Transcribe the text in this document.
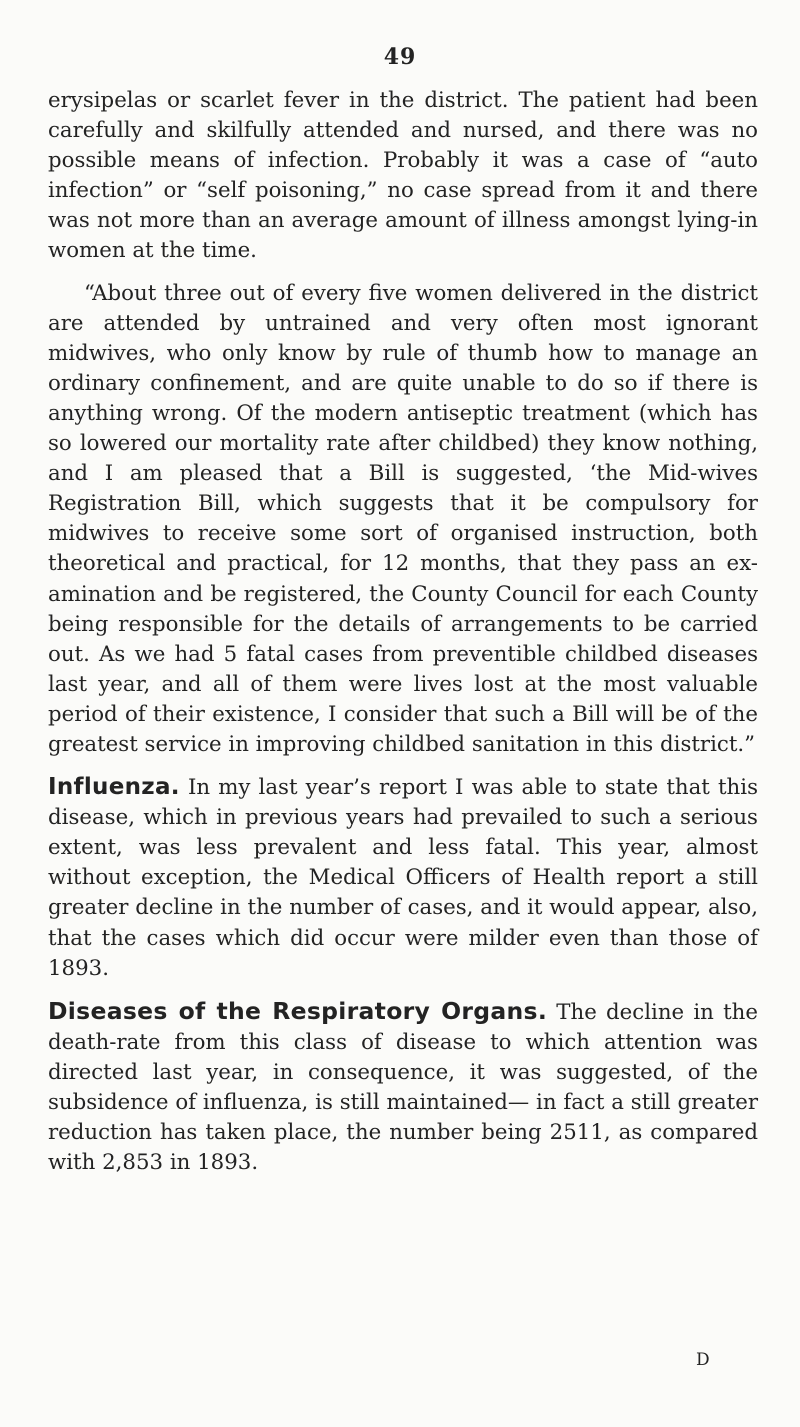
49

erysipelas or scarlet fever in the district. The patient had been carefully and skilfully attended and nursed, and there was no possible means of infection. Probably it was a case of “auto infection” or “self poisoning,” no case spread from it and there was not more than an average amount of illness amongst lying-in women at the time.

“About three out of every five women delivered in the district are attended by untrained and very often most ignorant midwives, who only know by rule of thumb how to manage an ordinary confinement, and are quite unable to do so if there is anything wrong. Of the modern antiseptic treatment (which has so lowered our mortality rate after childbed) they know nothing, and I am pleased that a Bill is suggested, ‘the Mid-wives Registration Bill, which suggests that it be compulsory for midwives to receive some sort of organised instruction, both theoretical and practical, for 12 months, that they pass an ex-amination and be registered, the County Council for each County being responsible for the details of arrangements to be carried out. As we had 5 fatal cases from preventible childbed diseases last year, and all of them were lives lost at the most valuable period of their existence, I consider that such a Bill will be of the greatest service in improving childbed sanitation in this district.”

Influenza. In my last year’s report I was able to state that this disease, which in previous years had prevailed to such a serious extent, was less prevalent and less fatal. This year, almost without exception, the Medical Officers of Health report a still greater decline in the number of cases, and it would appear, also, that the cases which did occur were milder even than those of 1893.

Diseases of the Respiratory Organs. The decline in the death-rate from this class of disease to which attention was directed last year, in consequence, it was suggested, of the subsidence of influenza, is still maintained— in fact a still greater reduction has taken place, the number being 2511, as compared with 2,853 in 1893.

D
